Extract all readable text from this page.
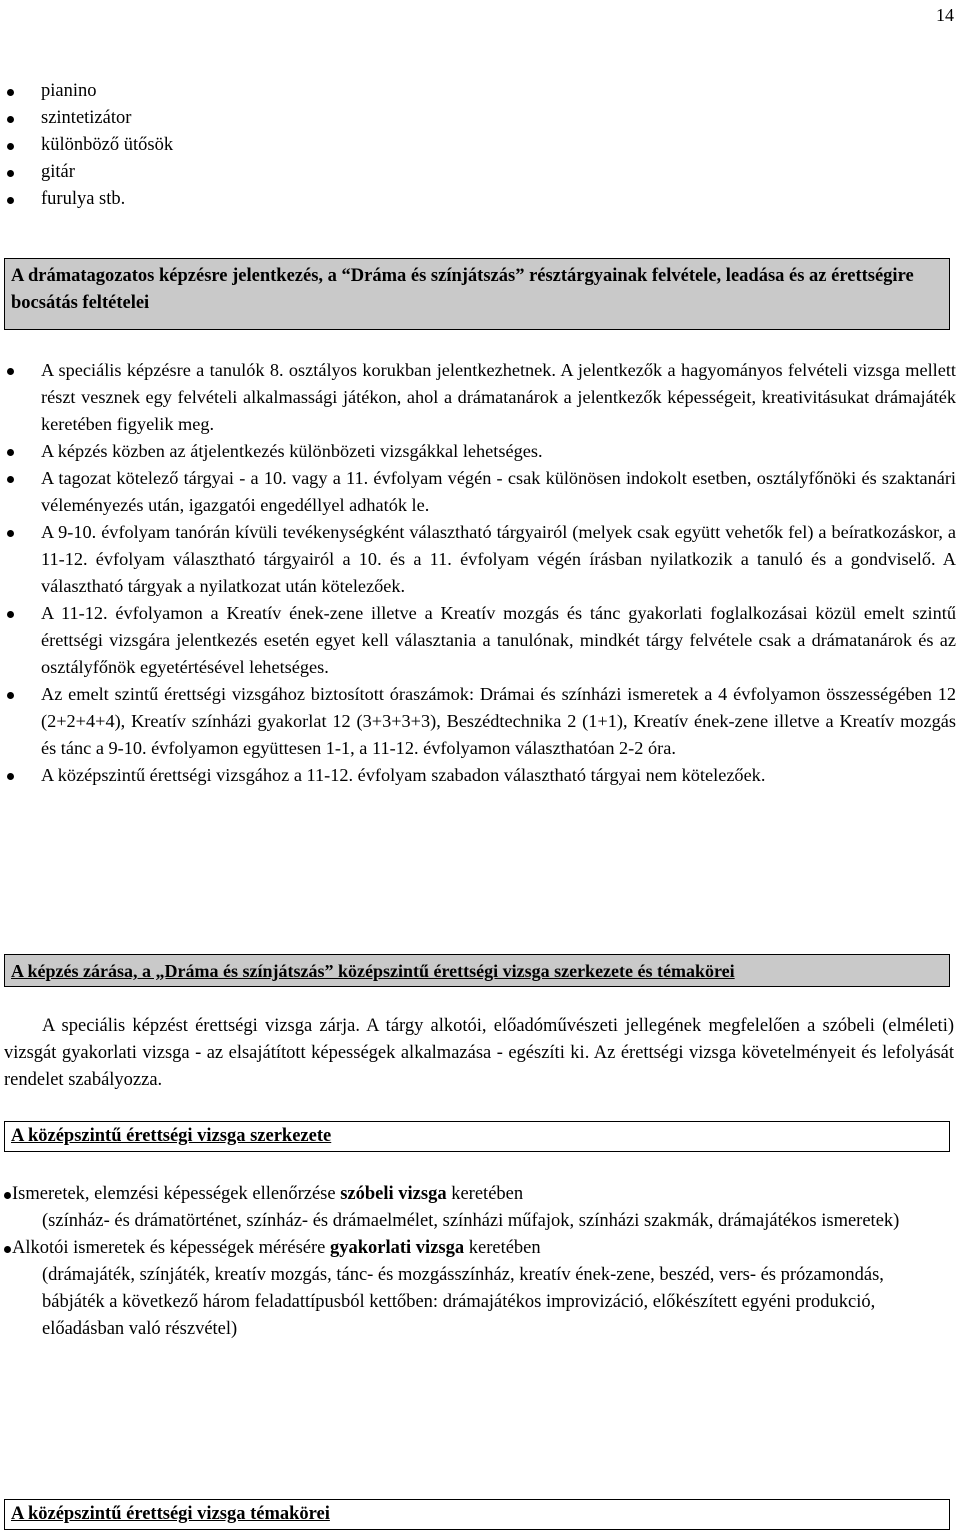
14
pianino
szintetizátor
különböző ütősök
gitár
furulya stb.
A drámatagozatos képzésre jelentkezés, a “Dráma és színjátszás” résztárgyainak felvétele, leadása és az érettségire bocsátás feltételei
A speciális képzésre a tanulók 8. osztályos korukban jelentkezhetnek. A jelentkezők a hagyományos felvételi vizsga mellett részt vesznek egy felvételi alkalmassági játékon, ahol a drámatanárok a jelentkezők képességeit, kreativitásukat drámajáték keretében figyelik meg.
A képzés közben az átjelentkezés különbözeti vizsgákkal lehetséges.
A tagozat kötelező tárgyai - a 10. vagy a 11. évfolyam végén - csak különösen indokolt esetben, osztályfőnöki és szaktanári véleményezés után, igazgatói engedéllyel adhatók le.
A 9-10. évfolyam tanórán kívüli tevékenységként választható tárgyairól (melyek csak együtt vehetők fel) a beíratkozáskor, a 11-12. évfolyam választható tárgyairól a 10. és a 11. évfolyam végén írásban nyilatkozik a tanuló és a gondviselő. A választható tárgyak a nyilatkozat után kötelezőek.
A 11-12. évfolyamon a Kreatív ének-zene illetve a Kreatív mozgás és tánc gyakorlati foglalkozásai közül emelt szintű érettségi vizsgára jelentkezés esetén egyet kell választania a tanulónak, mindkét tárgy felvétele csak a drámatanárok és az osztályfőnök egyetértésével lehetséges.
Az emelt szintű érettségi vizsgához biztosított óraszámok: Drámai és színházi ismeretek a 4 évfolyamon összességében 12 (2+2+4+4), Kreatív színházi gyakorlat 12 (3+3+3+3), Beszédtechnika 2 (1+1), Kreatív ének-zene illetve a Kreatív mozgás és tánc a 9-10. évfolyamon együttesen 1-1, a 11-12. évfolyamon választhatóan 2-2 óra.
A középszintű érettségi vizsgához a 11-12. évfolyam szabadon választható tárgyai nem kötelezőek.
A képzés zárása, a „Dráma és színjátszás” középszintű érettségi vizsga szerkezete és témakörei
A speciális képzést érettségi vizsga zárja. A tárgy alkotói, előadóművészeti jellegének megfelelően a szóbeli (elméleti) vizsgát gyakorlati vizsga - az elsajátított képességek alkalmazása - egészíti ki. Az érettségi vizsga követelményeit és lefolyását rendelet szabályozza.
A középszintű érettségi vizsga szerkezete
Ismeretek, elemzési képességek ellenőrzése szóbeli vizsga keretében
(színház- és drámatörténet, színház- és drámaelmélet, színházi műfajok, színházi szakmák, drámajátékos ismeretek)
Alkotói ismeretek és képességek mérésére gyakorlati vizsga keretében
(drámajáték, színjáték, kreatív mozgás, tánc- és mozgásszínház, kreatív ének-zene, beszéd, vers- és prózamondás, bábjáték a következő három feladattípusból kettőben: drámajátékos improvizáció, előkészített egyéni produkció, előadásban való részvétel)
A középszintű érettségi vizsga témakörei
